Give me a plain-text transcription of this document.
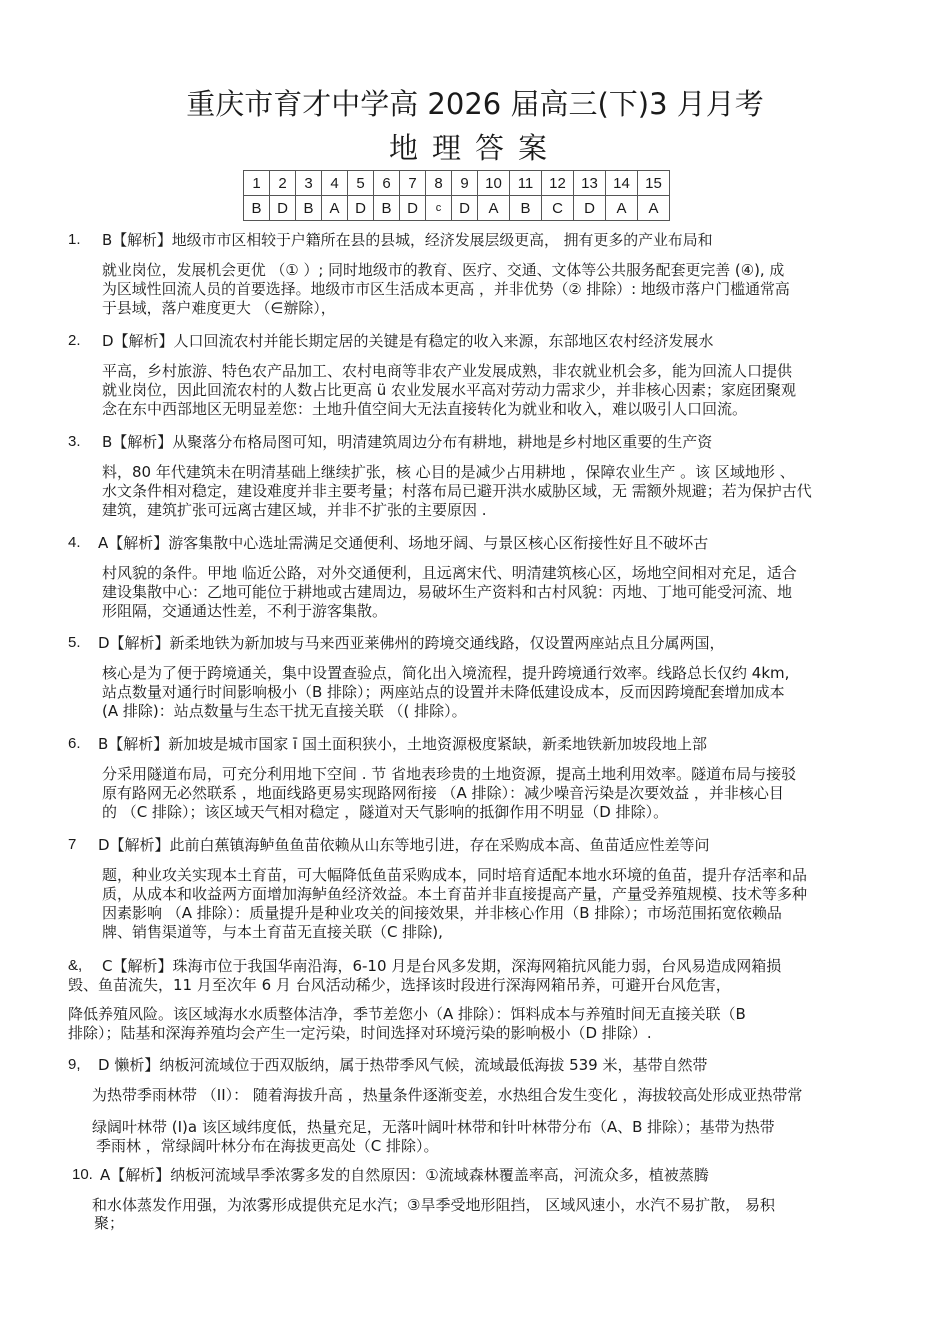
重庆市育才中学高 2026 届高三(下)3 月月考
地理答案
1	2	3	4	5	6	7	8	9	10	11	12	13	14	15
B	D	B	A	D	B	D	c	D	A	B	C	D	A	A
1. B【解析】地级市市区相较于户籍所在县的县城，经济发展层级更高， 拥有更多的产业布局和
就业岗位，发展机会更优 （① ）; 同时地级市的教育、医疗、交通、文体等公共服务配套更完善 (④), 成
为区域性回流人员的首要选择。地级市市区生活成本更高 ，并非优势（② 排除）: 地级市落户门槛通常高
于县域，落户难度更大 （∈辦除），
2. D【解析】人口回流农村并能长期定居的关键是有稳定的收入来源，东部地区农村经济发展水
平高，乡村旅游、特色农产品加工、农村电商等非农产业发展成熟，非农就业机会多，能为回流人口提供
就业岗位，因此回流农村的人数占比更高 ü 农业发展水平高对劳动力需求少，并非核心因素；家庭团聚观
念在东中西部地区无明显差您：土地升值空间大无法直接转化为就业和收入，难以吸引人口回流。
3. B【解析】从聚落分布格局图可知，明清建筑周边分布有耕地，耕地是乡村地区重要的生产资
料，80 年代建筑未在明清基础上继续扩张，核 心目的是减少占用耕地 ，保障农业生产 。该 区域地形 、
水文条件相对稳定，建设难度并非主要考量；村落布局已避开洪水威胁区域，无 需额外规避；若为保护古代
建筑，建筑扩张可远离古建区域，并非不扩张的主要原因 .
4. A【解析】游客集散中心选址需满足交通便利、场地牙阔、与景区核心区衔接性好且不破坏古
村风貌的条件。甲地 临近公路，对外交通便利，且远离宋代、明清建筑核心区，场地空间相对充足，适合
建设集散中心：乙地可能位于耕地或古建周边，易破坏生产资料和古村风貌：丙地、丁地可能受河流、地
形阻隔，交通通达性差，不利于游客集散。
5. D【解析】新柔地铁为新加坡与马来西亚莱佛州的跨境交通线路，仅设置两座站点且分属两国，
核心是为了便于跨境通关，集中设置查验点，简化出入境流程，提升跨境通行效率。线路总长仅约 4km,
站点数量对通行时间影响极小（B 排除）；两座站点的设置并未降低建设成本，反而因跨境配套增加成本
(A 排除)：站点数量与生态干扰无直接关联 （( 排除）。
6. B【解析】新加坡是城市国家 ī 国土面积狭小，土地资源极度紧缺，新柔地铁新加坡段地上部
分采用隧道布局，可充分利用地下空间 . 节 省地表珍贵的土地资源，提高土地利用效率。隧道布局与接驳
原有路网无必然联系 ，地面线路更易实现路网衔接 （A 排除）：减少噪音污染是次要效益 ，并非核心目
的 （C 排除）；该区域天气相对稳定 ，隧道对天气影响的抵御作用不明显（D 排除）。
7 D【解析】此前白蕉镇海鲈鱼鱼苗依赖从山东等地引进，存在采购成本高、鱼苗适应性差等问
题，种业攻关实现本土育苗，可大幅降低鱼苗采购成本，同时培育适配本地水环境的鱼苗，提升存活率和品
质，从成本和收益两方面增加海鲈鱼经济效益。本土育苗并非直接提高产量，产量受养殖规模、技术等多种
因素影响 （A 排除）：质量提升是种业攻关的间接效果，并非核心作用（B 排除）；市场范围拓宽依赖品
牌、销售渠道等，与本土育苗无直接关联（C 排除),
&, C【解析】珠海市位于我国华南沿海，6-10 月是台风多发期，深海网箱抗风能力弱，台风易造成网箱损
毁、鱼苗流失，11 月至次年 6 月 台风活动稀少，选择该时段进行深海网箱吊养，可避开台风危害，
降低养殖风险。该区域海水水质整体洁净，季节差您小（A 排除）：饵料成本与养殖时间无直接关联（B
排除）；陆基和深海养殖均会产生一定污染，时间选择对环境污染的影响极小（D 排除）.
9, D 懒析】纳板河流域位于西双版纳，属于热带季风气候，流域最低海拔 539 米，基带自然带
为热带季雨林带 （II）： 随着海拔升高 ，热量条件逐渐变差，水热组合发生变化 ，海拔较高处形成亚热带常
绿阔叶林带 (I)a 该区域纬度低，热量充足，无落叶阔叶林带和针叶林带分布（A、B 排除）；基带为热带
季雨林 ，常绿阔叶林分布在海拔更高处（C 排除）。
10. A【解析】纳板河流域旱季浓雾多发的自然原因：①流域森林覆盖率高，河流众多，植被蒸腾
和水体蒸发作用强，为浓雾形成提供充足水汽；③旱季受地形阻挡， 区域风速小，水汽不易扩散， 易积
聚；
